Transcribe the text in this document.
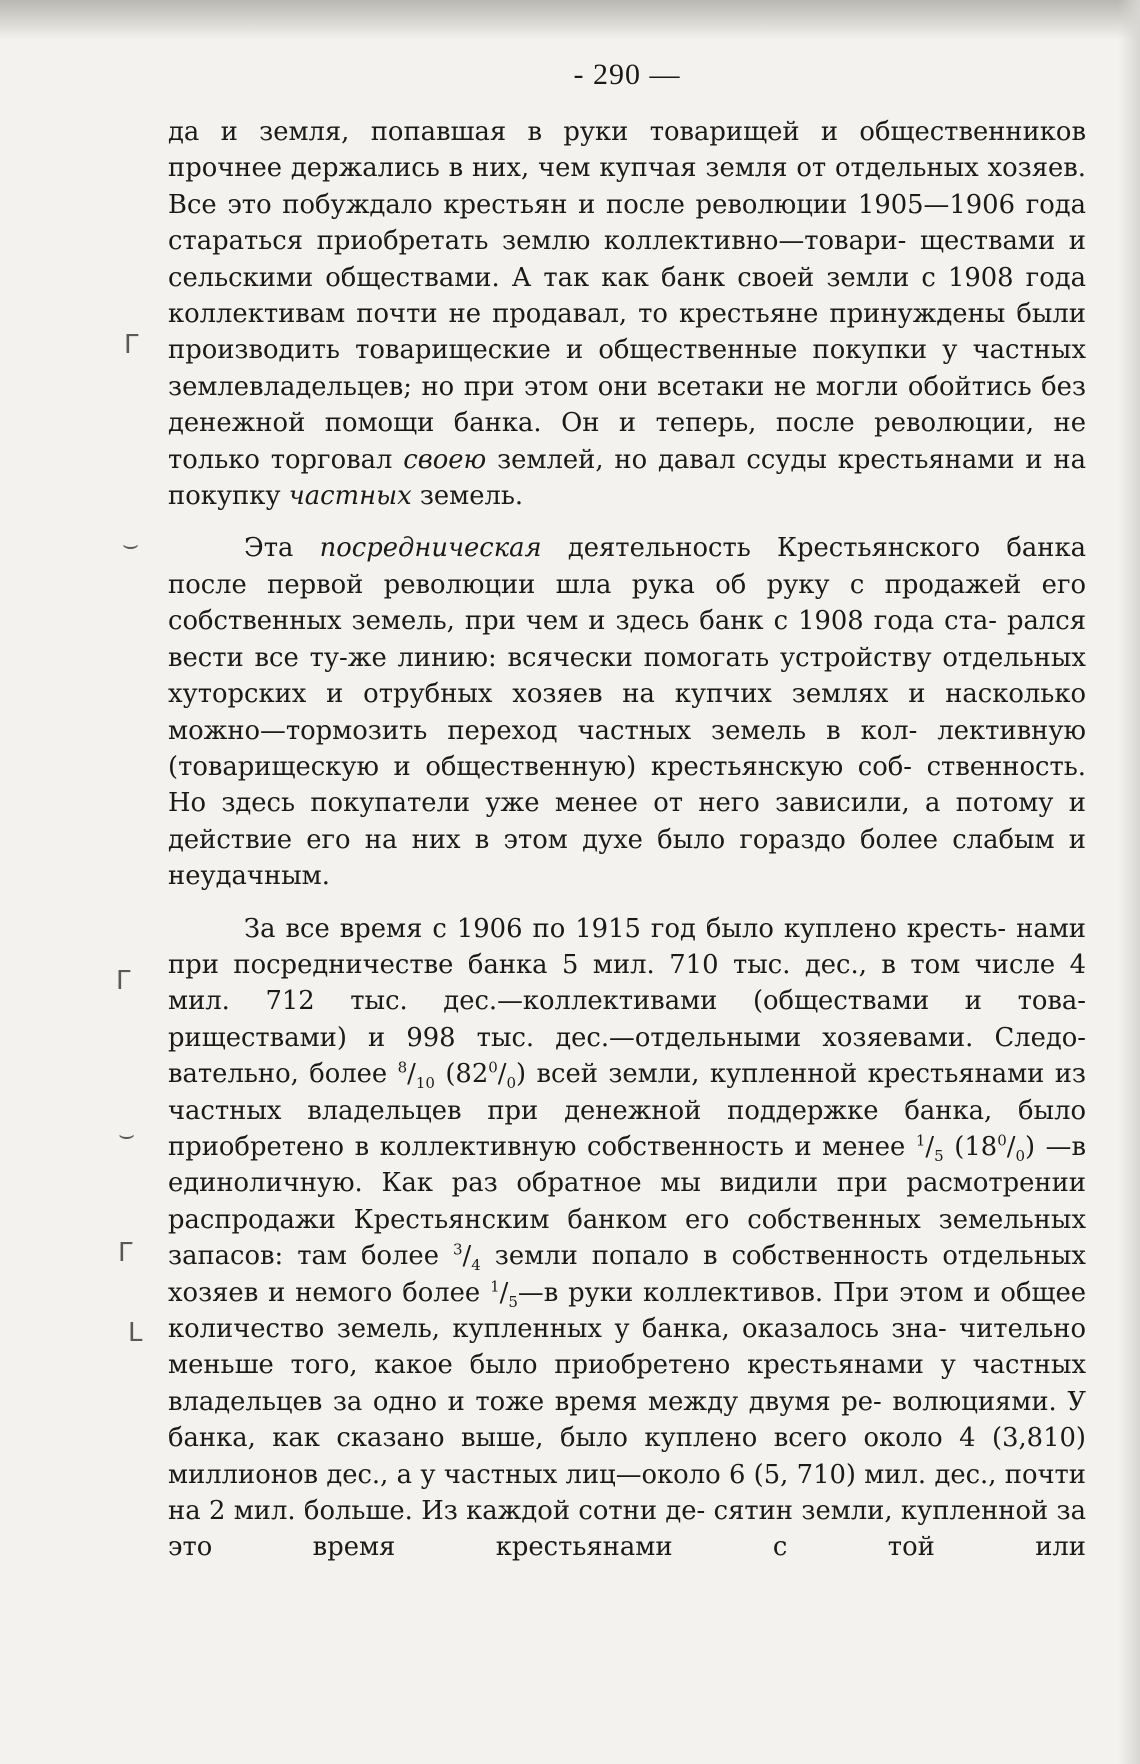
Г
⌣
Г
⌣
Г
L
- 290 —

да и земля, попавшая в руки товарищей и общественников прочнее держались в них, чем купчая земля от отдельных хозяев. Все это побуждало крестьян и после революции 1905—1906 года стараться приобретать землю коллективно—товари- ществами и сельскими обществами. А так как банк своей земли с 1908 года коллективам почти не продавал, то крестьяне принуждены были производить товарищеские и общественные покупки у частных землевладельцев; но при этом они всетаки не могли обойтись без денежной помощи банка. Он и теперь, после революции, не только торговал своею землей, но давал ссуды крестьянами и на покупку частных земель.

Эта посредническая деятельность Крестьянского банка после первой революции шла рука об руку с продажей его собственных земель, при чем и здесь банк с 1908 года ста- рался вести все ту-же линию: всячески помогать устройству отдельных хуторских и отрубных хозяев на купчих землях и насколько можно—тормозить переход частных земель в кол- лективную (товарищескую и общественную) крестьянскую соб- ственность. Но здесь покупатели уже менее от него зависили, а потому и действие его на них в этом духе было гораздо более слабым и неудачным.

За все время с 1906 по 1915 год было куплено кресть- нами при посредничестве банка 5 мил. 710 тыс. дес., в том числе 4 мил. 712 тыс. дес.—коллективами (обществами и това- риществами) и 998 тыс. дес.—отдельными хозяевами. Следо- вательно, более $^8/_{10}$ $(82^0/_0)$ всей земли, купленной крестьянами из частных владельцев при денежной поддержке банка, было приобретено в коллективную собственность и менее $^1/_5$ $(18^0/_0)$ —в единоличную. Как раз обратное мы видили при расмотрении распродажи Крестьянским банком его собственных земельных запасов: там более $^3/_4$ земли попало в собственность отдельных хозяев и немого более $^1/_5—в$ руки коллективов. При этом и общее количество земель, купленных у банка, оказалось зна- чительно меньше того, какое было приобретено крестьянами у частных владельцев за одно и тоже время между двумя ре- волюциями. У банка, как сказано выше, было куплено всего около 4 (3,810) миллионов дес., а у частных лиц—около 6 (5, 710) мил. дес., почти на 2 мил. больше. Из каждой сотни де- сятин земли, купленной за это время крестьянами с той или
